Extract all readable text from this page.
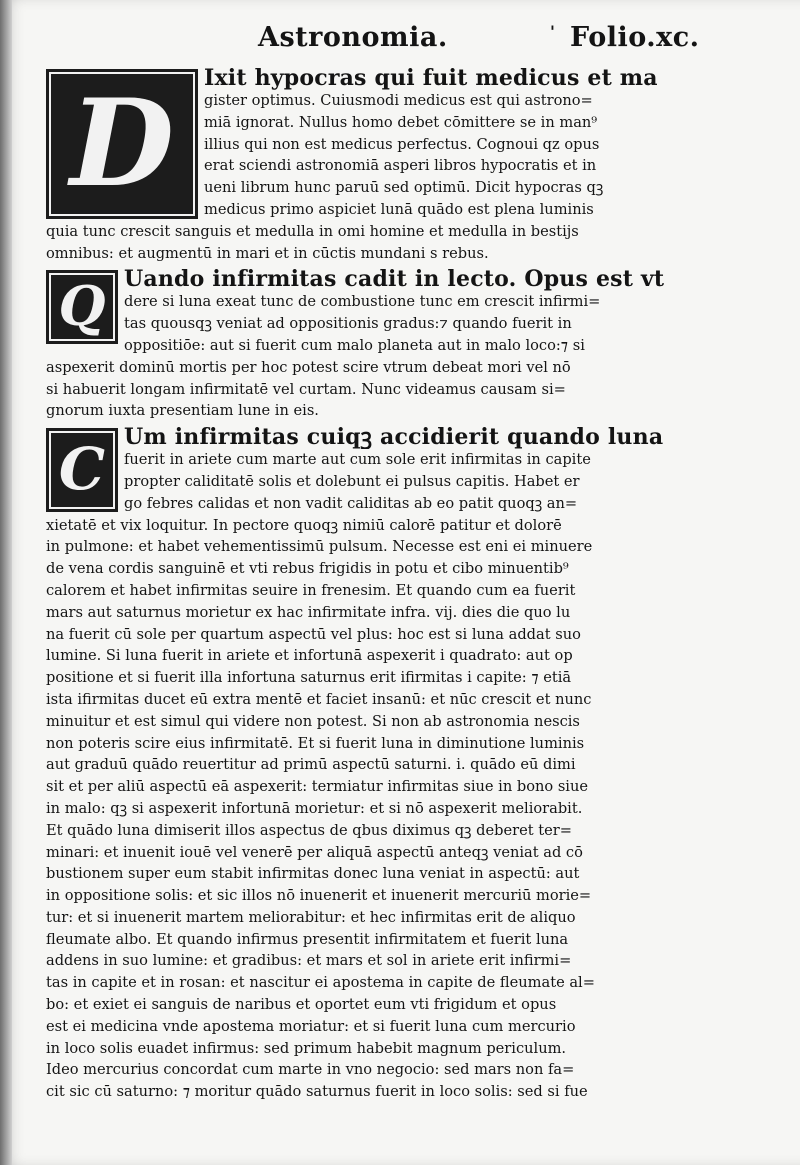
Astronomia.	' Folio.xc.
D Ixit hypocras qui fuit medicus et ma
gister optimus. Cuiusmodi medicus est qui astrono=
miā ignorat. Nullus homo debet cōmittere se in man⁹
illius qui non est medicus perfectus. Cognoui qz opus
erat sciendi astronomiā asperi libros hypocratis et in
ueni librum hunc paruū sed optimū. Dicit hypocras qꝫ
medicus primo aspiciet lunā quādo est plena luminis
quia tunc crescit sanguis et medulla in omi homine et medulla in bestijs
omnibus: et augmentū in mari et in cūctis mundani s rebus.
Q Uando infirmitas cadit in lecto. Opus est vt
dere si luna exeat tunc de combustione tunc em crescit infirmi=
tas quousqꝫ veniat ad oppositionis gradus:⁊ quando fuerit in
oppositiōe: aut si fuerit cum malo planeta aut in malo loco:⁊ si
aspexerit dominū mortis per hoc potest scire vtrum debeat mori vel nō
si habuerit longam infirmitatē vel curtam. Nunc videamus causam si=
gnorum iuxta presentiam lune in eis.
C Um infirmitas cuiqꝫ accidierit quando luna
fuerit in ariete cum marte aut cum sole erit infirmitas in capite
propter caliditatē solis et dolebunt ei pulsus capitis. Habet er
go febres calidas et non vadit caliditas ab eo patit quoqꝫ an=
xietatē et vix loquitur. In pectore quoqꝫ nimiū calorē patitur et dolorē
in pulmone: et habet vehementissimū pulsum. Necesse est eni ei minuere
de vena cordis sanguinē et vti rebus frigidis in potu et cibo minuentib⁹
calorem et habet infirmitas seuire in frenesim. Et quando cum ea fuerit
mars aut saturnus morietur ex hac infirmitate infra. vij. dies die quo lu
na fuerit cū sole per quartum aspectū vel plus: hoc est si luna addat suo
lumine. Si luna fuerit in ariete et infortunā aspexerit i quadrato: aut op
positione et si fuerit illa infortuna saturnus erit ifirmitas i capite: ⁊ etiā
ista ifirmitas ducet eū extra mentē et faciet insanū: et nūc crescit et nunc
minuitur et est simul qui videre non potest. Si non ab astronomia nescis
non poteris scire eius infirmitatē. Et si fuerit luna in diminutione luminis
aut graduū quādo reuertitur ad primū aspectū saturni. i. quādo eū dimi
sit et per aliū aspectū eā aspexerit: termiatur infirmitas siue in bono siue
in malo: qꝫ si aspexerit infortunā morietur: et si nō aspexerit meliorabit.
Et quādo luna dimiserit illos aspectus de qbus diximus qꝫ deberet ter=
minari: et inuenit iouē vel venerē per aliquā aspectū anteqꝫ veniat ad cō
bustionem super eum stabit infirmitas donec luna veniat in aspectū: aut
in oppositione solis: et sic illos nō inuenerit et inuenerit mercuriū morie=
tur: et si inuenerit martem meliorabitur: et hec infirmitas erit de aliquo
fleumate albo. Et quando infirmus presentit infirmitatem et fuerit luna
addens in suo lumine: et gradibus: et mars et sol in ariete erit infirmi=
tas in capite et in rosan: et nascitur ei apostema in capite de fleumate al=
bo: et exiet ei sanguis de naribus et oportet eum vti frigidum et opus
est ei medicina vnde apostema moriatur: et si fuerit luna cum mercurio
in loco solis euadet infirmus: sed primum habebit magnum periculum.
Ideo mercurius concordat cum marte in vno negocio: sed mars non fa=
cit sic cū saturno: ⁊ moritur quādo saturnus fuerit in loco solis: sed si fue
